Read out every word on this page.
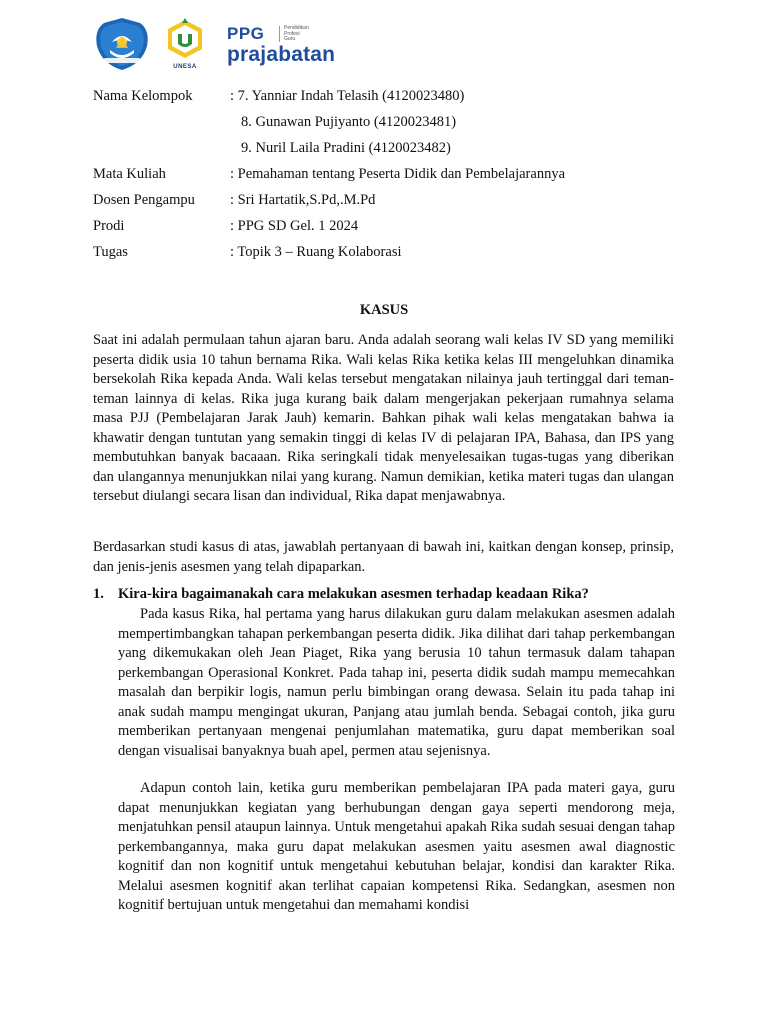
UNESA
PPG	Pendidikan
Profesi
Guru
prajabatan
Nama Kelompok	: 7. Yanniar Indah Telasih (4120023480)
8. Gunawan Pujiyanto (4120023481)
9. Nuril Laila Pradini (4120023482)
Mata Kuliah	: Pemahaman tentang Peserta Didik dan Pembelajarannya
Dosen Pengampu : Sri Hartatik,S.Pd,.M.Pd
Prodi	: PPG SD Gel. 1 2024
Tugas	: Topik 3 – Ruang Kolaborasi
KASUS

Saat ini adalah permulaan tahun ajaran baru. Anda adalah seorang wali kelas IV SD yang memiliki peserta didik usia 10 tahun bernama Rika. Wali kelas Rika ketika kelas III mengeluhkan dinamika bersekolah Rika kepada Anda. Wali kelas tersebut mengatakan nilainya jauh tertinggal dari teman-teman lainnya di kelas. Rika juga kurang baik dalam mengerjakan pekerjaan rumahnya selama masa PJJ (Pembelajaran Jarak Jauh) kemarin. Bahkan pihak wali kelas mengatakan bahwa ia khawatir dengan tuntutan yang semakin tinggi di kelas IV di pelajaran IPA, Bahasa, dan IPS yang membutuhkan banyak bacaaan. Rika seringkali tidak menyelesaikan tugas-tugas yang diberikan dan ulangannya menunjukkan nilai yang kurang. Namun demikian, ketika materi tugas dan ulangan tersebut diulangi secara lisan dan individual, Rika dapat menjawabnya.

Berdasarkan studi kasus di atas, jawablah pertanyaan di bawah ini, kaitkan dengan konsep, prinsip, dan jenis-jenis asesmen yang telah dipaparkan.

1. Kira-kira bagaimanakah cara melakukan asesmen terhadap keadaan Rika?

Pada kasus Rika, hal pertama yang harus dilakukan guru dalam melakukan asesmen adalah mempertimbangkan tahapan perkembangan peserta didik. Jika dilihat dari tahap perkembangan yang dikemukakan oleh Jean Piaget, Rika yang berusia 10 tahun termasuk dalam tahapan perkembangan Operasional Konkret. Pada tahap ini, peserta didik sudah mampu memecahkan masalah dan berpikir logis, namun perlu bimbingan orang dewasa. Selain itu pada tahap ini anak sudah mampu mengingat ukuran, Panjang atau jumlah benda. Sebagai contoh, jika guru memberikan pertanyaan mengenai penjumlahan matematika, guru dapat memberikan soal dengan visualisai banyaknya buah apel, permen atau sejenisnya.

Adapun contoh lain, ketika guru memberikan pembelajaran IPA pada materi gaya, guru dapat menunjukkan kegiatan yang berhubungan dengan gaya seperti mendorong meja, menjatuhkan pensil ataupun lainnya. Untuk mengetahui apakah Rika sudah sesuai dengan tahap perkembangannya, maka guru dapat melakukan asesmen yaitu asesmen awal diagnostic kognitif dan non kognitif untuk mengetahui kebutuhan belajar, kondisi dan karakter Rika. Melalui asesmen kognitif akan terlihat capaian kompetensi Rika. Sedangkan, asesmen non kognitif bertujuan untuk mengetahui dan memahami kondisi
